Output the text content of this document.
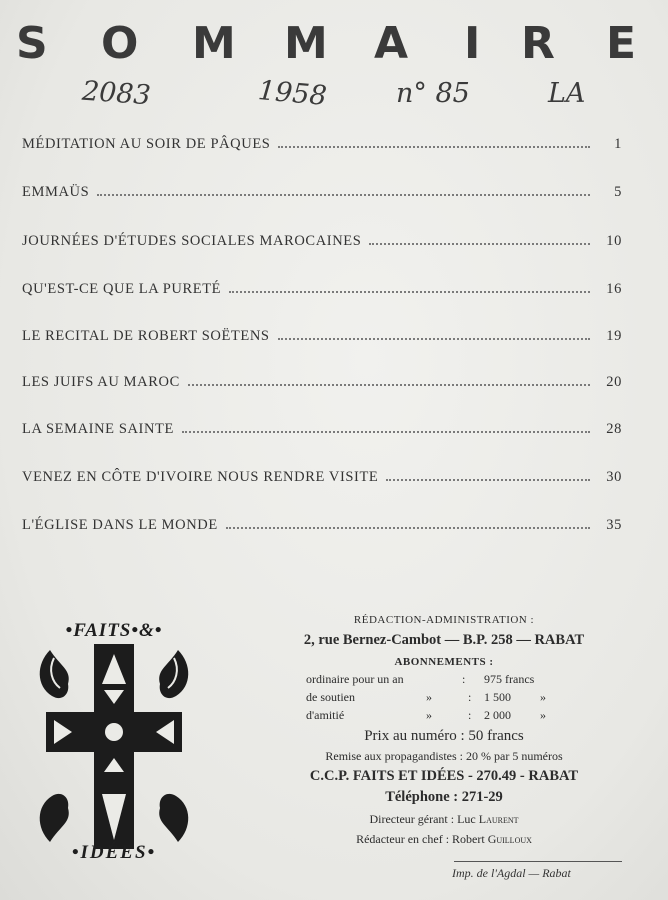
S O M M A I R E
2083	1958	n° 85	LA
MÉDITATION AU SOIR DE PÂQUES	1
EMMAÜS	5
JOURNÉES D'ÉTUDES SOCIALES MAROCAINES	10
QU'EST-CE QUE LA PURETÉ	16
LE RECITAL DE ROBERT SOËTENS	19
LES JUIFS AU MAROC	20
LA SEMAINE SAINTE	28
VENEZ EN CÔTE D'IVOIRE NOUS RENDRE VISITE	30
L'ÉGLISE DANS LE MONDE	35
•FAITS•&•
•IDÉES•
RÉDACTION-ADMINISTRATION :
2, rue Bernez-Cambot — B.P. 258 — RABAT
ABONNEMENTS :
ordinaire pour un an	: 975 francs
de soutien	»	: 1 500 »
d'amitié	»	: 2 000 »
Prix au numéro : 50 francs
Remise aux propagandistes : 20 % par 5 numéros
C.C.P. FAITS ET IDÉES - 270.49 - RABAT
Téléphone : 271-29
Directeur gérant : Luc Laurent
Rédacteur en chef : Robert Guilloux
Imp. de l'Agdal — Rabat
